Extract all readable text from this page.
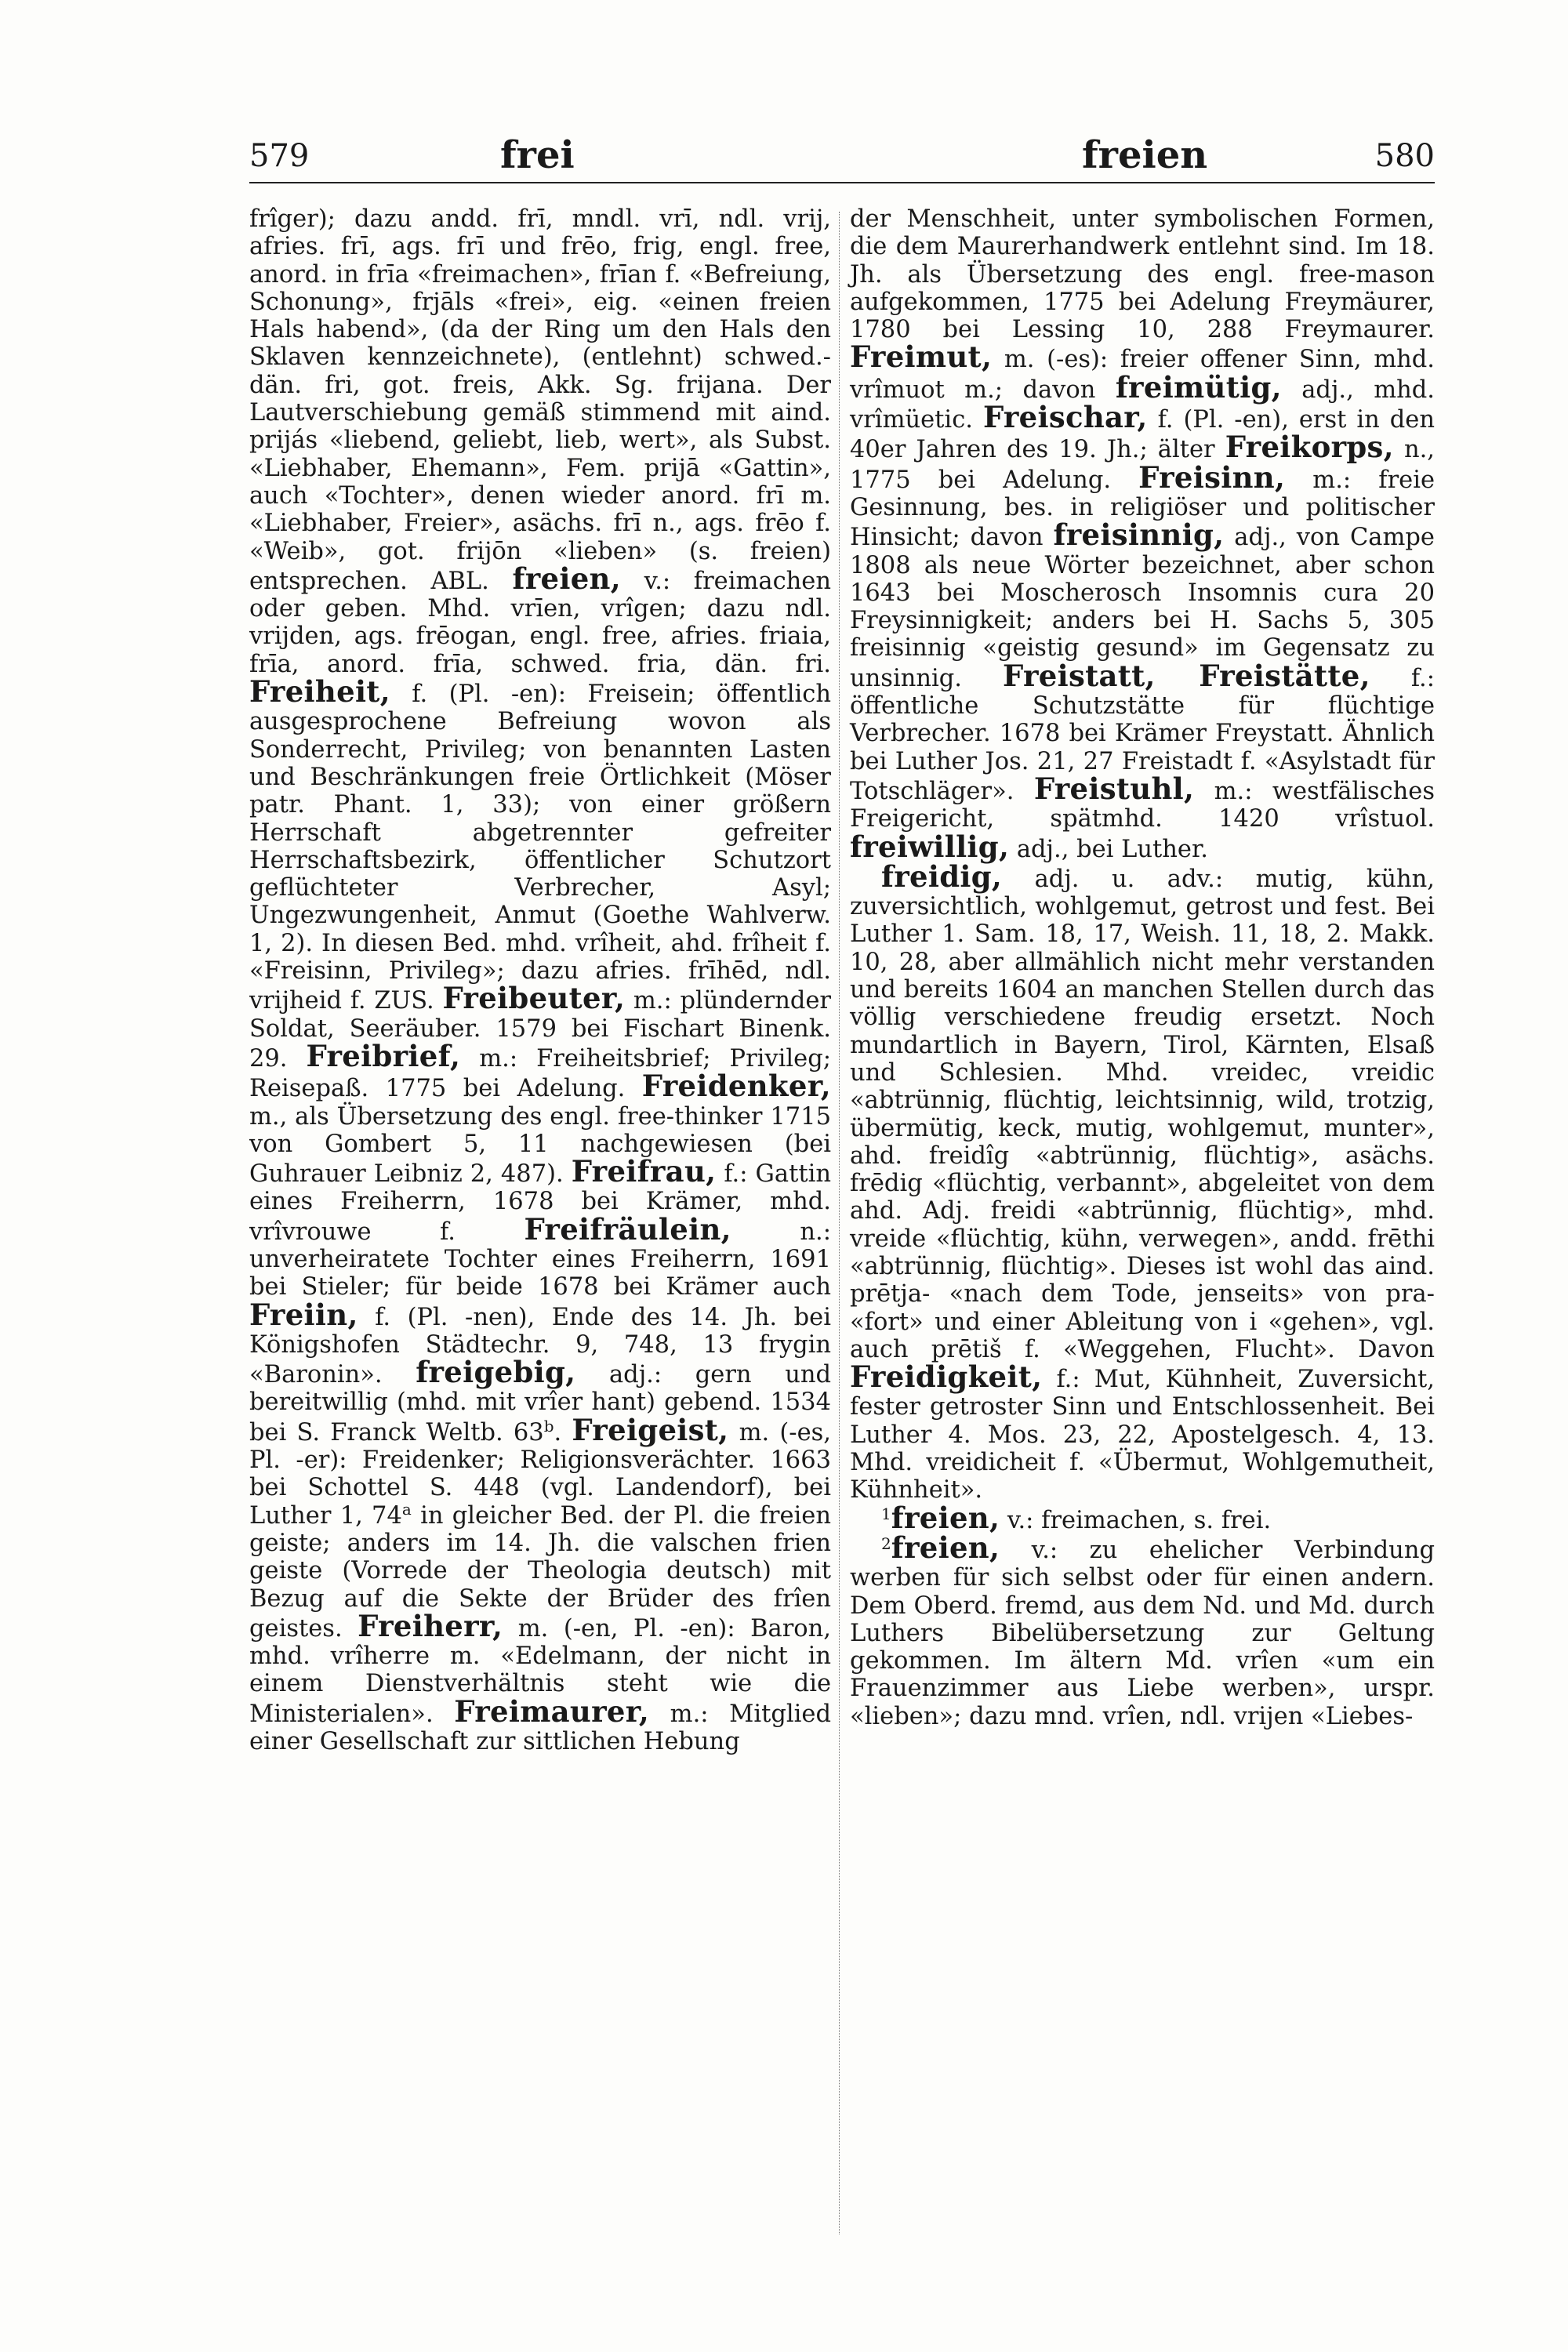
579	frei	freien	580

frîger); dazu andd. frī, mndl. vrī, ndl. vrij, afries. frī, ags. frī und frēo, frig, engl. free, anord. in frīa «freimachen», frīan f. «Befreiung, Schonung», frjāls «frei», eig. «einen freien Hals habend», (da der Ring um den Hals den Sklaven kennzeichnete), (entlehnt) schwed.-dän. fri, got. freis, Akk. Sg. frijana. Der Lautverschiebung gemäß stimmend mit aind. prijás «liebend, geliebt, lieb, wert», als Subst. «Liebhaber, Ehemann», Fem. prijā «Gattin», auch «Tochter», denen wieder anord. frī m. «Liebhaber, Freier», asächs. frī n., ags. frēo f. «Weib», got. frijōn «lieben» (s. freien) entsprechen. ABL. freien, v.: freimachen oder geben. Mhd. vrīen, vrîgen; dazu ndl. vrijden, ags. frēogan, engl. free, afries. friaia, frīa, anord. frīa, schwed. fria, dän. fri. Freiheit, f. (Pl. -en): Freisein; öffentlich ausgesprochene Befreiung wovon als Sonderrecht, Privileg; von benannten Lasten und Beschränkungen freie Örtlichkeit (Möser patr. Phant. 1, 33); von einer größern Herrschaft abgetrennter gefreiter Herrschaftsbezirk, öffentlicher Schutzort geflüchteter Verbrecher, Asyl; Ungezwungenheit, Anmut (Goethe Wahlverw. 1, 2). In diesen Bed. mhd. vrîheit, ahd. frîheit f. «Freisinn, Privileg»; dazu afries. frīhēd, ndl. vrijheid f. ZUS. Freibeuter, m.: plündernder Soldat, Seeräuber. 1579 bei Fischart Binenk. 29. Freibrief, m.: Freiheitsbrief; Privileg; Reisepaß. 1775 bei Adelung. Freidenker, m., als Übersetzung des engl. free-thinker 1715 von Gombert 5, 11 nachgewiesen (bei Guhrauer Leibniz 2, 487). Freifrau, f.: Gattin eines Freiherrn, 1678 bei Krämer, mhd. vrîvrouwe f. Freifräulein,	n.: unverheiratete Tochter eines Freiherrn, 1691 bei Stieler; für beide 1678 bei Krämer auch Freiin, f. (Pl. -nen), Ende des 14. Jh. bei Königshofen Städtechr. 9, 748, 13 frygin «Baronin». freigebig, adj.: gern und bereitwillig (mhd. mit vrîer hant) gebend. 1534 bei S. Franck Weltb. 63$^b$. Freigeist, m. (-es, Pl. -er): Freidenker; Religionsverächter. 1663 bei Schottel S. 448 (vgl. Landendorf), bei Luther 1, 74$^a$ in gleicher Bed. der Pl. die freien geiste; anders im 14. Jh. die valschen frien geiste (Vorrede der Theologia deutsch) mit Bezug auf die Sekte der Brüder des frîen geistes. Freiherr, m. (-en, Pl. -en): Baron, mhd. vrîherre m. «Edelmann, der nicht in einem Dienstverhältnis steht wie die Ministerialen». Freimaurer, m.: Mitglied einer Gesellschaft zur sittlichen Hebung

der Menschheit, unter symbolischen Formen, die dem Maurerhandwerk entlehnt sind. Im 18. Jh. als Übersetzung des engl. free-mason aufgekommen, 1775 bei Adelung Freymäurer, 1780 bei Lessing 10, 288 Freymaurer. Freimut, m. (-es): freier offener Sinn, mhd. vrîmuot m.; davon freimütig, adj., mhd. vrîmüetic. Freischar, f. (Pl. -en), erst in den 40er Jahren des 19. Jh.; älter Freikorps, n., 1775 bei Adelung. Freisinn, m.: freie Gesinnung, bes. in religiöser und politischer Hinsicht; davon freisinnig, adj., von Campe 1808 als neue Wörter bezeichnet, aber schon 1643 bei Moscherosch Insomnis cura 20 Freysinnigkeit; anders bei H. Sachs 5, 305 freisinnig «geistig gesund» im Gegensatz zu unsinnig. Freistatt, Freistätte, f.: öffentliche Schutzstätte für flüchtige Verbrecher. 1678 bei Krämer Freystatt. Ähnlich bei Luther Jos. 21, 27 Freistadt f. «Asylstadt für Totschläger». Freistuhl, m.: westfälisches Freigericht, spätmhd. 1420 vrîstuol. freiwillig, adj., bei Luther.

freidig, adj. u. adv.: mutig, kühn, zuversichtlich, wohlgemut, getrost und fest. Bei Luther 1. Sam. 18, 17, Weish. 11, 18, 2. Makk. 10, 28, aber allmählich nicht mehr verstanden und bereits 1604 an manchen Stellen durch das völlig verschiedene freudig ersetzt. Noch mundartlich in Bayern, Tirol, Kärnten, Elsaß und Schlesien. Mhd. vreidec, vreidic «abtrünnig, flüchtig, leichtsinnig, wild, trotzig, übermütig, keck, mutig, wohlgemut, munter», ahd. freidîg «abtrünnig, flüchtig», asächs. frēdig «flüchtig, verbannt», abgeleitet von dem ahd. Adj. freidi «abtrünnig, flüchtig», mhd. vreide «flüchtig, kühn, verwegen», andd. frēthi «abtrünnig, flüchtig». Dieses ist wohl das aind. prētja- «nach dem Tode, jenseits» von pra- «fort» und einer Ableitung von i «gehen», vgl. auch prētiš f. «Weggehen, Flucht». Davon Freidigkeit, f.: Mut, Kühnheit, Zuversicht, fester getroster Sinn und Entschlossenheit. Bei Luther 4. Mos. 23, 22, Apostelgesch. 4, 13. Mhd. vreidicheit f. «Übermut, Wohlgemutheit, Kühnheit».

$^1$freien, v.: freimachen, s. frei.

$^2$freien, v.: zu ehelicher Verbindung werben für sich selbst oder für einen andern. Dem Oberd. fremd, aus dem Nd. und Md. durch Luthers Bibelübersetzung zur Geltung gekommen. Im ältern Md. vrîen «um ein Frauenzimmer aus Liebe werben», urspr. «lieben»; dazu mnd. vrîen, ndl. vrijen «Liebes-
